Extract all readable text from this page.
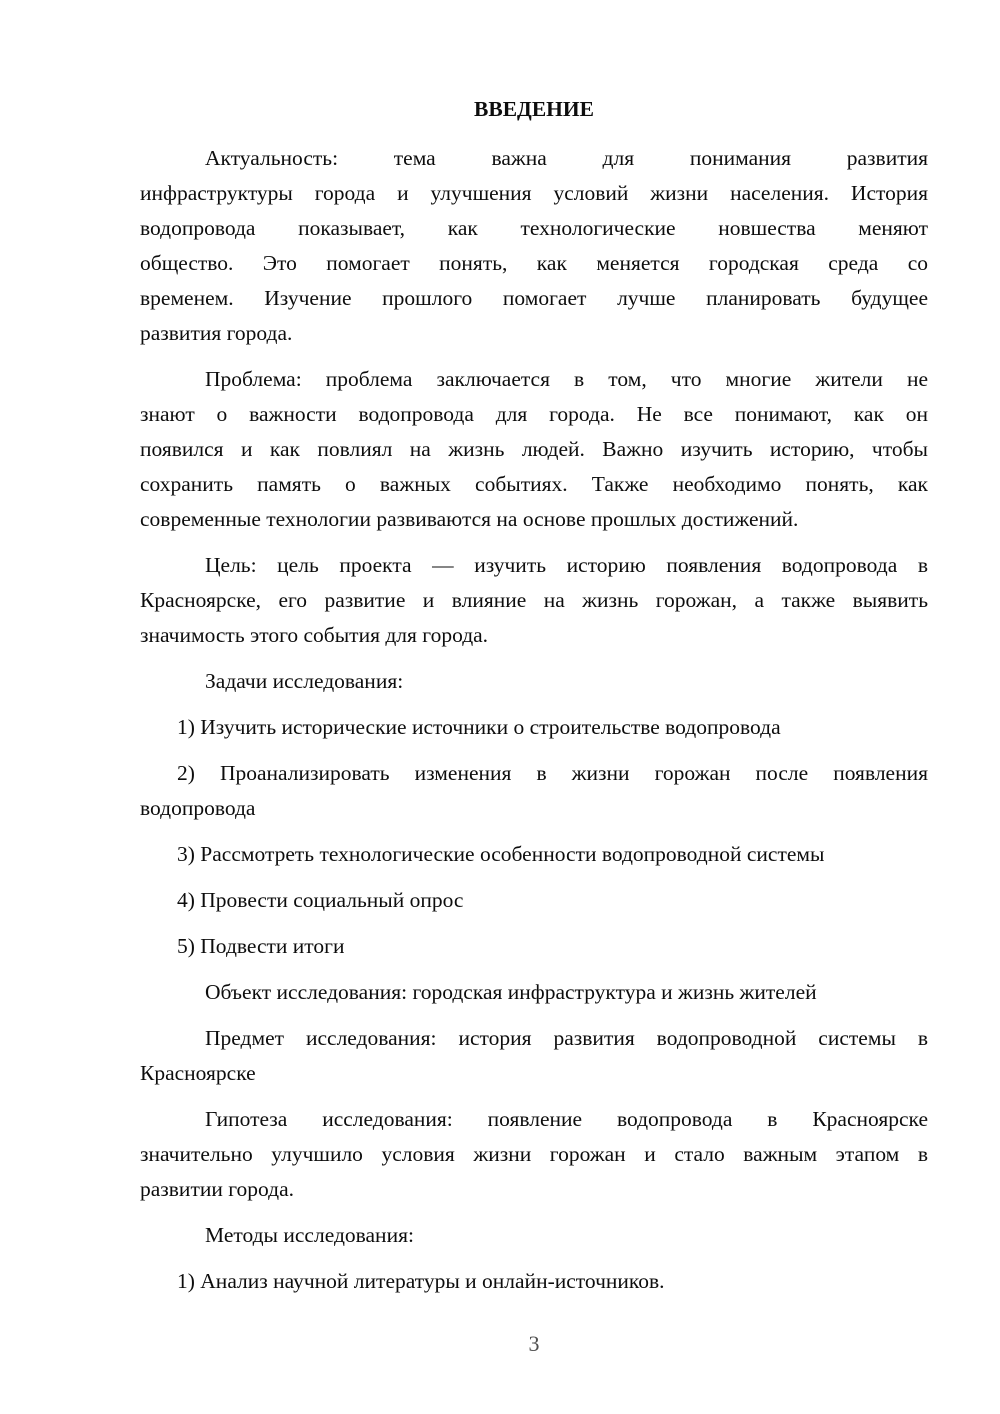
ВВЕДЕНИЕ
Актуальность: тема важна для понимания развития
инфраструктуры города и улучшения условий жизни населения. История
водопровода показывает, как технологические новшества меняют
общество. Это помогает понять, как меняется городская среда со
временем. Изучение прошлого помогает лучше планировать будущее
развития города.
Проблема: проблема заключается в том, что многие жители не
знают о важности водопровода для города. Не все понимают, как он
появился и как повлиял на жизнь людей. Важно изучить историю, чтобы
сохранить память о важных событиях. Также необходимо понять, как
современные технологии развиваются на основе прошлых достижений.
Цель: цель проекта — изучить историю появления водопровода в
Красноярске, его развитие и влияние на жизнь горожан, а также выявить
значимость этого события для города.
Задачи исследования:
1) Изучить исторические источники о строительстве водопровода
2) Проанализировать изменения в жизни горожан после появления
водопровода
3) Рассмотреть технологические особенности водопроводной системы
4) Провести социальный опрос
5) Подвести итоги
Объект исследования: городская инфраструктура и жизнь жителей
Предмет исследования: история развития водопроводной системы в
Красноярске
Гипотеза исследования: появление водопровода в Красноярске
значительно улучшило условия жизни горожан и стало важным этапом в
развитии города.
Методы исследования:
1) Анализ научной литературы и онлайн-источников.
3
